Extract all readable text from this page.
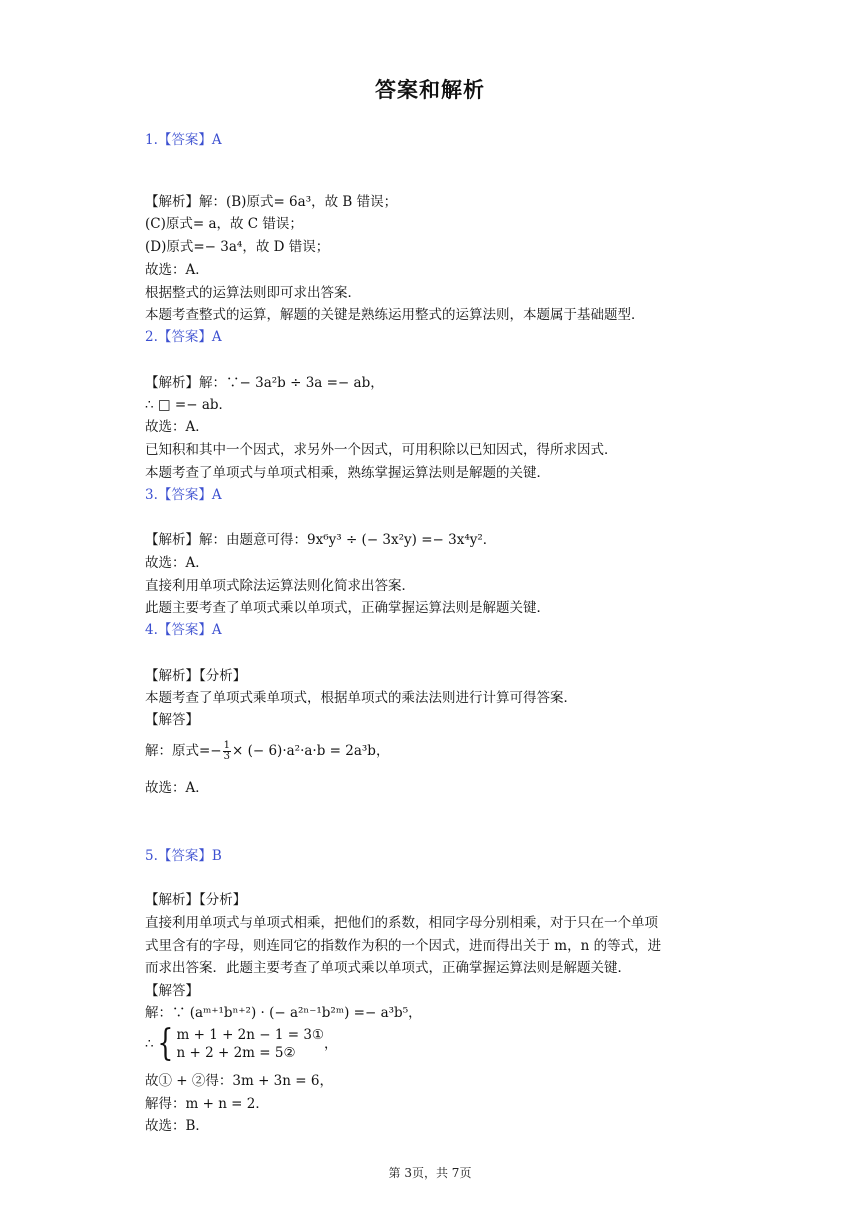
答案和解析
1.【答案】A
【解析】解：(B)原式= 6a³，故 B 错误；
(C)原式= a，故 C 错误；
(D)原式=− 3a⁴，故 D 错误；
故选：A．
根据整式的运算法则即可求出答案．
本题考查整式的运算，解题的关键是熟练运用整式的运算法则，本题属于基础题型．
2.【答案】A
【解析】解：∵− 3a²b ÷ 3a =− ab，
∴ □ =− ab．
故选：A．
已知积和其中一个因式，求另外一个因式，可用积除以已知因式，得所求因式．
本题考查了单项式与单项式相乘，熟练掌握运算法则是解题的关键．
3.【答案】A
【解析】解：由题意可得：9x⁶y³ ÷ (− 3x²y) =− 3x⁴y²．
故选：A．
直接利用单项式除法运算法则化简求出答案．
此题主要考查了单项式乘以单项式，正确掌握运算法则是解题关键．
4.【答案】A
【解析】【分析】
本题考查了单项式乘单项式，根据单项式的乘法法则进行计算可得答案．
【解答】
解：原式=− $\frac{1}{3}$ × (− 6)·a²·a·b = 2a³b，
故选：A．
5.【答案】B
【解析】【分析】
直接利用单项式与单项式相乘，把他们的系数，相同字母分别相乘，对于只在一个单项
式里含有的字母，则连同它的指数作为积的一个因式，进而得出关于 m，n 的等式，进
而求出答案．此题主要考查了单项式乘以单项式，正确掌握运算法则是解题关键．
【解答】
解：∵ (aᵐ⁺¹bⁿ⁺²) · (− a²ⁿ⁻¹b²ᵐ) =− a³b⁵，
∴{ m + 1 + 2n − 1 = 3①
n + 2 + 2m = 5②
，
故① + ②得：3m + 3n = 6，
解得：m + n = 2．
故选：B．
第 3页，共 7页
